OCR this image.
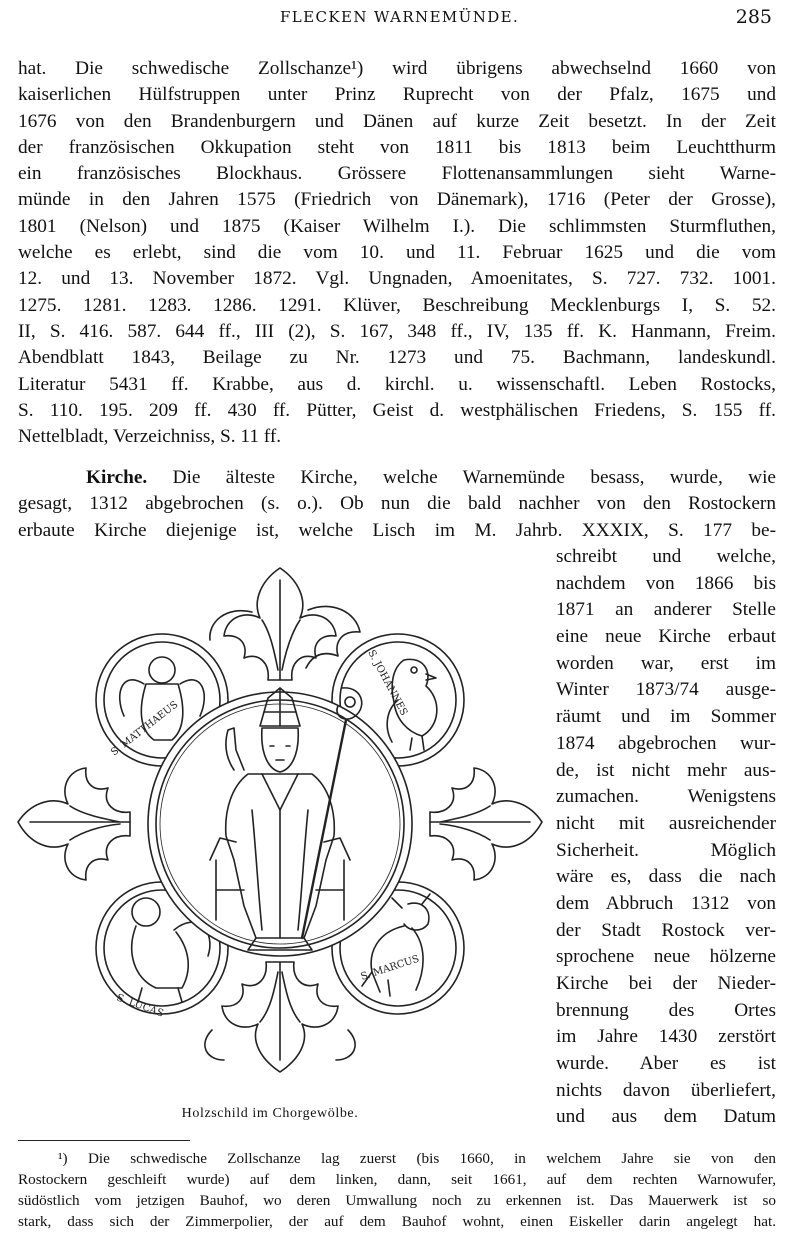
FLECKEN WARNEMÜNDE.	285
hat. Die schwedische Zollschanze¹) wird übrigens abwechselnd 1660 von
kaiserlichen Hülfstruppen unter Prinz Ruprecht von der Pfalz, 1675 und
1676 von den Brandenburgern und Dänen auf kurze Zeit besetzt. In der Zeit
der französischen Okkupation steht von 1811 bis 1813 beim Leuchtthurm
ein französisches Blockhaus. Grössere Flottenansammlungen sieht Warne-
münde in den Jahren 1575 (Friedrich von Dänemark), 1716 (Peter der Grosse),
1801 (Nelson) und 1875 (Kaiser Wilhelm I.). Die schlimmsten Sturmfluthen,
welche es erlebt, sind die vom 10. und 11. Februar 1625 und die vom
12. und 13. November 1872. Vgl. Ungnaden, Amoenitates, S. 727. 732. 1001.
1275. 1281. 1283. 1286. 1291. Klüver, Beschreibung Mecklenburgs I, S. 52.
II, S. 416. 587. 644 ff., III (2), S. 167, 348 ff., IV, 135 ff. K. Hanmann, Freim.
Abendblatt 1843, Beilage zu Nr. 1273 und 75. Bachmann, landeskundl.
Literatur 5431 ff. Krabbe, aus d. kirchl. u. wissenschaftl. Leben Rostocks,
S. 110. 195. 209 ff. 430 ff. Pütter, Geist d. westphälischen Friedens, S. 155 ff.
Nettelbladt, Verzeichniss, S. 11 ff.
Kirche. Die älteste Kirche, welche Warnemünde besass, wurde, wie
gesagt, 1312 abgebrochen (s. o.). Ob nun die bald nachher von den Rostockern
erbaute Kirche diejenige ist, welche Lisch im M. Jahrb. XXXIX, S. 177 be-
schreibt und welche,
nachdem von 1866 bis
1871 an anderer Stelle
eine neue Kirche erbaut
worden war, erst im
Winter 1873/74 ausge-
räumt und im Sommer
1874 abgebrochen wur-
de, ist nicht mehr aus-
zumachen. Wenigstens
nicht mit ausreichender
Sicherheit. Möglich
wäre es, dass die nach
dem Abbruch 1312 von
der Stadt Rostock ver-
sprochene neue hölzerne
Kirche bei der Nieder-
brennung des Ortes
im Jahre 1430 zerstört
wurde. Aber es ist
nichts davon überliefert,
und aus dem Datum
S. MATTHAEUS
S. JOHANNES
S. LUCAS
S. MARCUS
Holzschild im Chorgewölbe.
¹) Die schwedische Zollschanze lag zuerst (bis 1660, in welchem Jahre sie von den
Rostockern geschleift wurde) auf dem linken, dann, seit 1661, auf dem rechten Warnowufer,
südöstlich vom jetzigen Bauhof, wo deren Umwallung noch zu erkennen ist. Das Mauerwerk ist so
stark, dass sich der Zimmerpolier, der auf dem Bauhof wohnt, einen Eiskeller darin angelegt hat.
